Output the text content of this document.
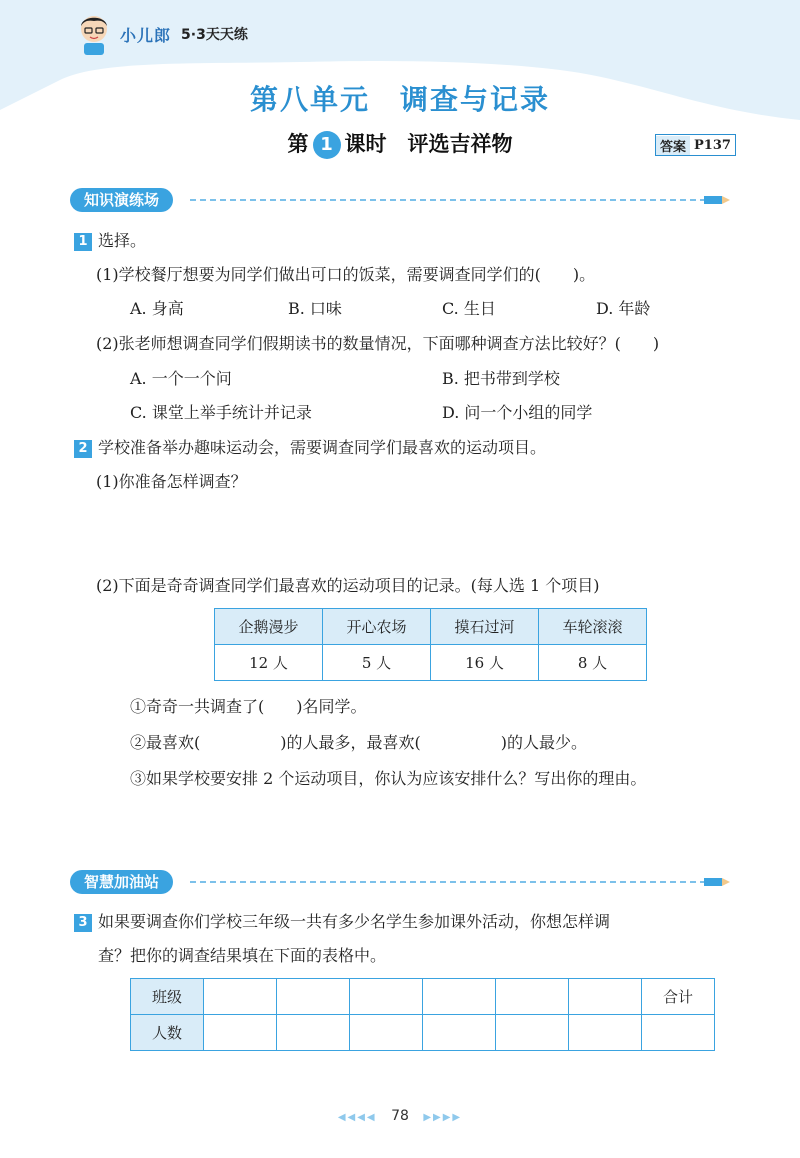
小儿郎 5·3天天练
第八单元　调查与记录
第 1 课时　评选吉祥物	答案 P137
知识演练场
1 选择。
(1)学校餐厅想要为同学们做出可口的饭菜，需要调查同学们的(　　)。
A. 身高	B. 口味	C. 生日	D. 年龄
(2)张老师想调查同学们假期读书的数量情况，下面哪种调查方法比较好？(　　)
A. 一个一个问	B. 把书带到学校
C. 课堂上举手统计并记录	D. 问一个小组的同学
2 学校准备举办趣味运动会，需要调查同学们最喜欢的运动项目。
(1)你准备怎样调查？
(2)下面是奇奇调查同学们最喜欢的运动项目的记录。(每人选 1 个项目)
企鹅漫步	开心农场	摸石过河	车轮滚滚
12 人	5 人	16 人	8 人
①奇奇一共调查了(　　)名同学。
②最喜欢(　　　　　)的人最多，最喜欢(　　　　　)的人最少。
③如果学校要安排 2 个运动项目，你认为应该安排什么？写出你的理由。
智慧加油站
3 如果要调查你们学校三年级一共有多少名学生参加课外活动，你想怎样调
查？把你的调查结果填在下面的表格中。
班级							合计
人数							
◀◀◀◀ 78 ▶▶▶▶
